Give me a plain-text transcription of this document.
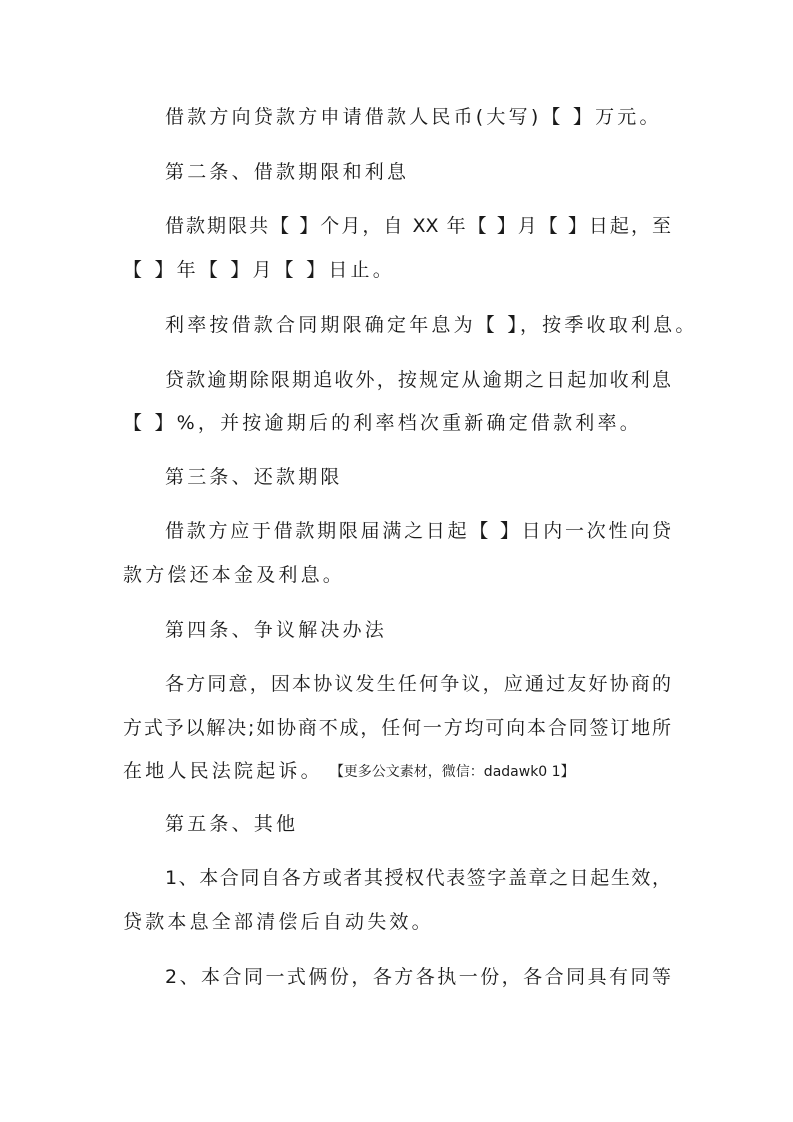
借款方向贷款方申请借款人民币(大写)【 】万元。
第二条、借款期限和利息
借款期限共【 】个月，自 XX 年【 】月【 】日起，至
【 】年【 】月【 】日止。
利率按借款合同期限确定年息为【 】，按季收取利息。
贷款逾期除限期追收外，按规定从逾期之日起加收利息
【 】%，并按逾期后的利率档次重新确定借款利率。
第三条、还款期限
借款方应于借款期限届满之日起【 】日内一次性向贷
款方偿还本金及利息。
第四条、争议解决办法
各方同意，因本协议发生任何争议，应通过友好协商的
方式予以解决;如协商不成，任何一方均可向本合同签订地所
在地人民法院起诉。 【更多公文素材，微信：dadawk0 1】
第五条、其他
1、本合同自各方或者其授权代表签字盖章之日起生效，
贷款本息全部清偿后自动失效。
2、本合同一式俩份，各方各执一份，各合同具有同等
